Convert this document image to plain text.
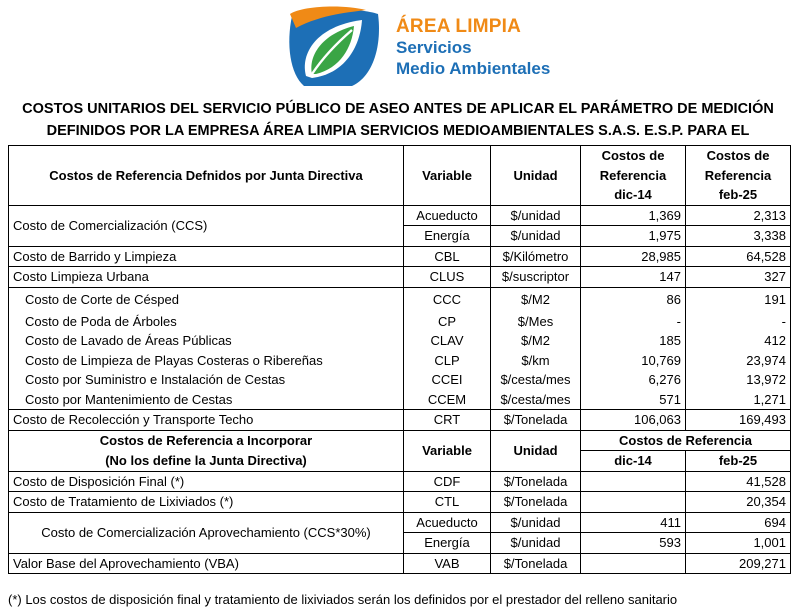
ÁREA LIMPIA
Servicios
Medio Ambientales
COSTOS UNITARIOS DEL SERVICIO PÚBLICO DE ASEO ANTES DE APLICAR EL PARÁMETRO DE MEDICIÓN
DEFINIDOS POR LA EMPRESA ÁREA LIMPIA SERVICIOS MEDIOAMBIENTALES S.A.S. E.S.P. PARA EL
Costos de Referencia Defnidos por Junta Directiva	Variable	Unidad	Costos de	Costos de
			Referencia	Referencia
			dic-14	feb-25
Costo de Comercialización (CCS)	Acueducto	$/unidad	1,369	2,313
	Energía	$/unidad	1,975	3,338
Costo de Barrido y Limpieza	CBL	$/Kilómetro	28,985	64,528
Costo Limpieza Urbana	CLUS	$/suscriptor	147	327
Costo de Corte de Césped	CCC	$/M2	86	191
Costo de Poda de Árboles	CP	$/Mes	-	-
Costo de Lavado de Áreas Públicas	CLAV	$/M2	185	412
Costo de Limpieza de Playas Costeras o Ribereñas	CLP	$/km	10,769	23,974
Costo por Suministro e Instalación de Cestas	CCEI	$/cesta/mes	6,276	13,972
Costo por Mantenimiento de Cestas	CCEM	$/cesta/mes	571	1,271
Costo de Recolección y Transporte Techo	CRT	$/Tonelada	106,063	169,493
Costos de Referencia a Incorporar	Variable	Unidad	Costos de Referencia	
(No los define la Junta Directiva)			dic-14	feb-25
Costo de Disposición Final (*)	CDF	$/Tonelada		41,528
Costo de Tratamiento de Lixiviados (*)	CTL	$/Tonelada		20,354
Costo de Comercialización Aprovechamiento (CCS*30%)	Acueducto	$/unidad	411	694
	Energía	$/unidad	593	1,001
Valor Base del Aprovechamiento (VBA)	VAB	$/Tonelada		209,271
(*) Los costos de disposición final y tratamiento de lixiviados serán los definidos por el prestador del relleno sanitario
